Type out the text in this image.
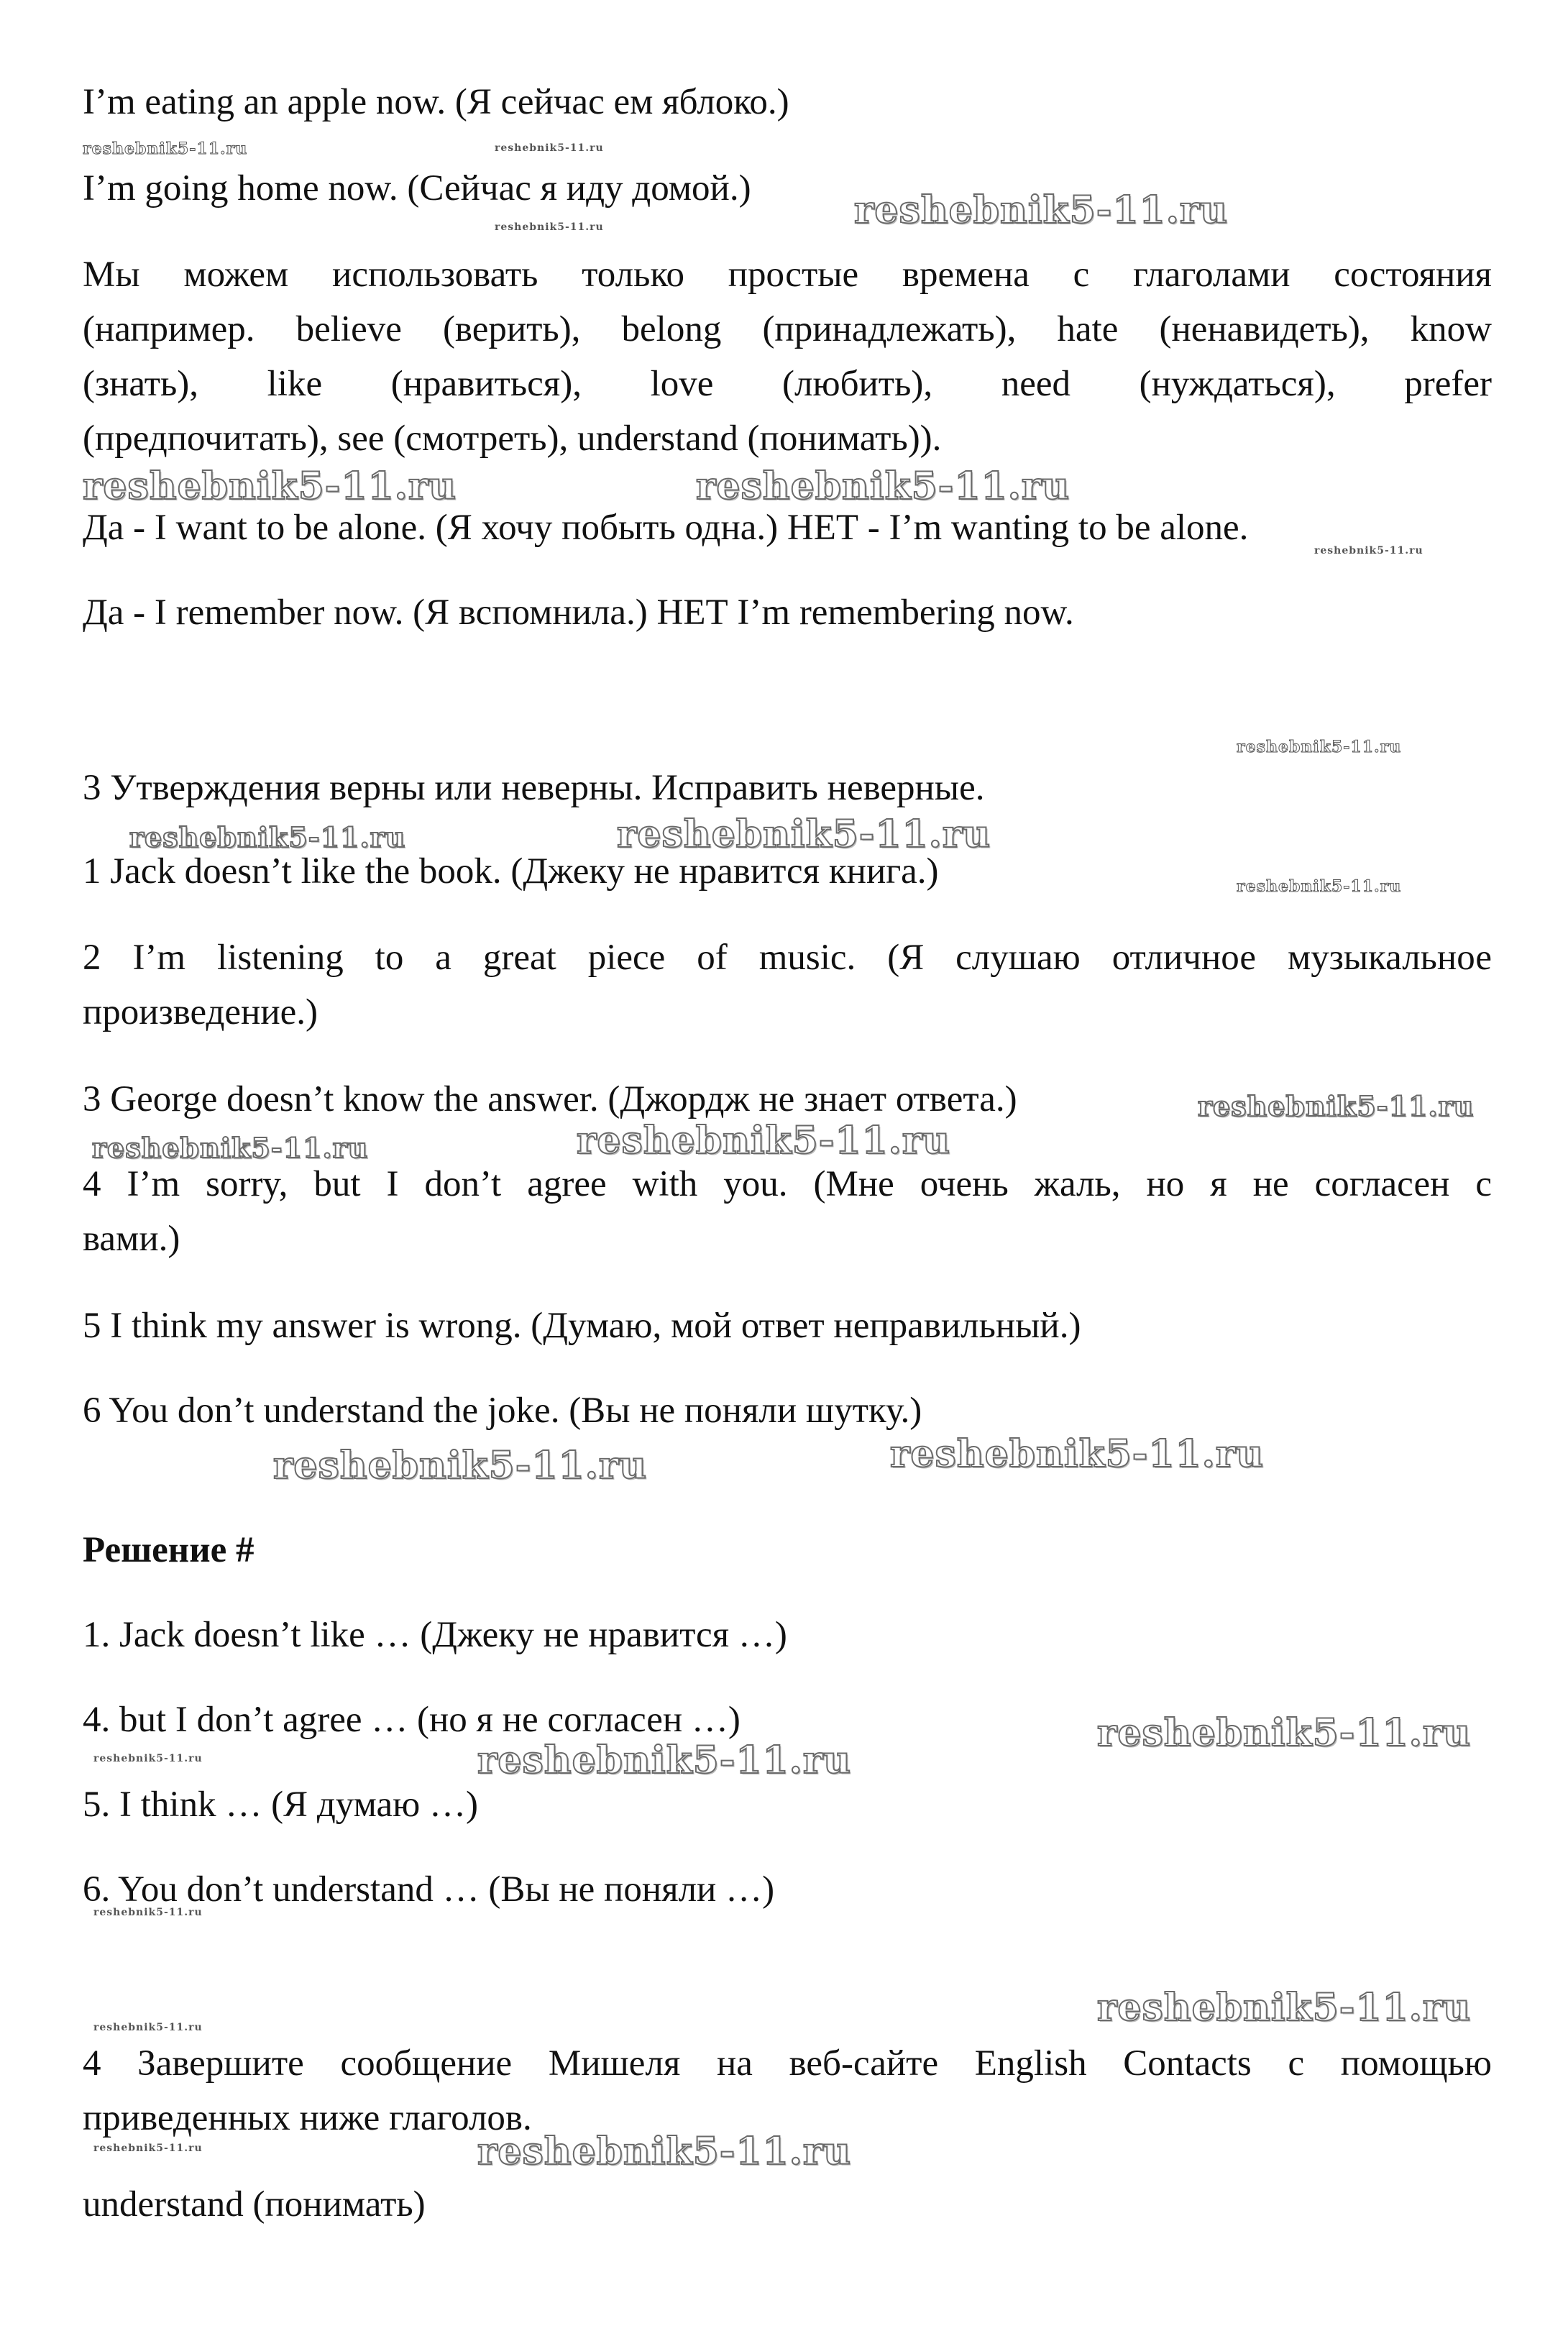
I’m eating an apple now. (Я сейчас ем яблоко.)
I’m going home now. (Сейчас я иду домой.)
Мы можем использовать только простые времена с глаголами состояния
(например. believe (верить), belong (принадлежать), hate (ненавидеть), know
(знать), like (нравиться), love (любить), need (нуждаться), prefer
(предпочитать), see (смотреть), understand (понимать)).
Да - I want to be alone. (Я хочу побыть одна.) НЕТ - I’m wanting to be alone.
Да - I remember now. (Я вспомнила.) НЕТ I’m remembering now.
3 Утверждения верны или неверны. Исправить неверные.
1 Jack doesn’t like the book. (Джеку не нравится книга.)
2 I’m listening to a great piece of music. (Я слушаю отличное музыкальное
произведение.)
3 George doesn’t know the answer. (Джордж не знает ответа.)
4 I’m sorry, but I don’t agree with you. (Мне очень жаль, но я не согласен с
вами.)
5 I think my answer is wrong. (Думаю, мой ответ неправильный.)
6 You don’t understand the joke. (Вы не поняли шутку.)
Решение #
1. Jack doesn’t like … (Джеку не нравится …)
4. but I don’t agree … (но я не согласен …)
5. I think … (Я думаю …)
6. You don’t understand … (Вы не поняли …)
4 Завершите сообщение Мишеля на веб-сайте English Contacts с помощью
приведенных ниже глаголов.
understand (понимать)
reshebnik5-11.ru	reshebnik5-11.ru
reshebnik5-11.ru	reshebnik5-11.ru
reshebnik5-11.ru	reshebnik5-11.ru
reshebnik5-11.ru
reshebnik5-11.ru
reshebnik5-11.ru	reshebnik5-11.ru
reshebnik5-11.ru
reshebnik5-11.ru
reshebnik5-11.ru	reshebnik5-11.ru
reshebnik5-11.ru	reshebnik5-11.ru
reshebnik5-11.ru
reshebnik5-11.ru	reshebnik5-11.ru
reshebnik5-11.ru
reshebnik5-11.ru
reshebnik5-11.ru
reshebnik5-11.ru	reshebnik5-11.ru
